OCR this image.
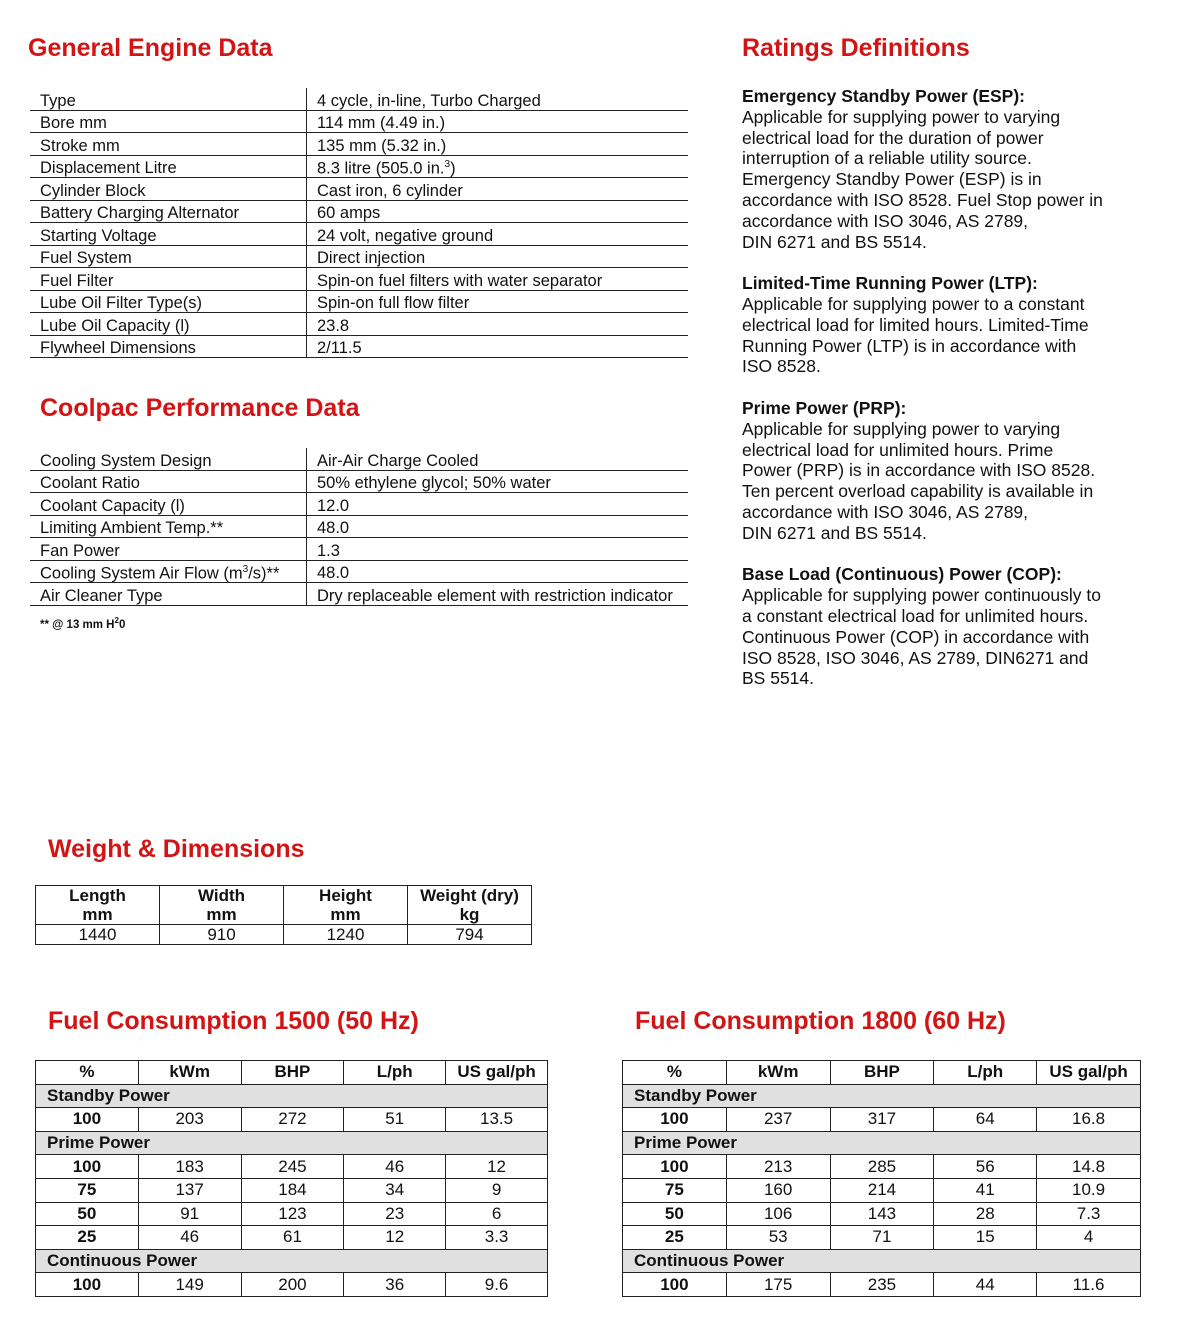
General Engine Data
Type	4 cycle, in-line, Turbo Charged
Bore mm	114 mm (4.49 in.)
Stroke mm	135 mm (5.32 in.)
Displacement Litre	8.3 litre (505.0 in.$^3$)
Cylinder Block	Cast iron, 6 cylinder
Battery Charging Alternator	60 amps
Starting Voltage	24 volt, negative ground
Fuel System	Direct injection
Fuel Filter	Spin-on fuel filters with water separator
Lube Oil Filter Type(s)	Spin-on full flow filter
Lube Oil Capacity (l)	23.8
Flywheel Dimensions	2/11.5
Coolpac Performance Data
Cooling System Design	Air-Air Charge Cooled
Coolant Ratio	50% ethylene glycol; 50% water
Coolant Capacity (l)	12.0
Limiting Ambient Temp.**	48.0
Fan Power	1.3
Cooling System Air Flow $(m^3/s)**$	48.0
Air Cleaner Type	Dry replaceable element with restriction indicator
** @ 13 mm $H^20$
Ratings Definitions
Emergency Standby Power (ESP):
Applicable for supplying power to varying
electrical load for the duration of power
interruption of a reliable utility source.
Emergency Standby Power (ESP) is in
accordance with ISO 8528. Fuel Stop power in
accordance with ISO 3046, AS 2789,
DIN 6271 and BS 5514.
Limited-Time Running Power (LTP):
Applicable for supplying power to a constant
electrical load for limited hours. Limited-Time
Running Power (LTP) is in accordance with
ISO 8528.
Prime Power (PRP):
Applicable for supplying power to varying
electrical load for unlimited hours. Prime
Power (PRP) is in accordance with ISO 8528.
Ten percent overload capability is available in
accordance with ISO 3046, AS 2789,
DIN 6271 and BS 5514.
Base Load (Continuous) Power (COP):
Applicable for supplying power continuously to
a constant electrical load for unlimited hours.
Continuous Power (COP) in accordance with
ISO 8528, ISO 3046, AS 2789, DIN6271 and
BS 5514.
Weight & Dimensions
Length	Width	Height	Weight (dry)
mm	mm	mm	kg
1440	910	1240	794
Fuel Consumption 1500 (50 Hz)
%	kWm	BHP	L/ph	US gal/ph
Standby Power				
100	203	272	51	13.5
Prime Power				
100	183	245	46	12
75	137	184	34	9
50	91	123	23	6
25	46	61	12	3.3
Continuous Power				
100	149	200	36	9.6
Fuel Consumption 1800 (60 Hz)
%	kWm	BHP	L/ph	US gal/ph
Standby Power				
100	237	317	64	16.8
Prime Power				
100	213	285	56	14.8
75	160	214	41	10.9
50	106	143	28	7.3
25	53	71	15	4
Continuous Power				
100	175	235	44	11.6
